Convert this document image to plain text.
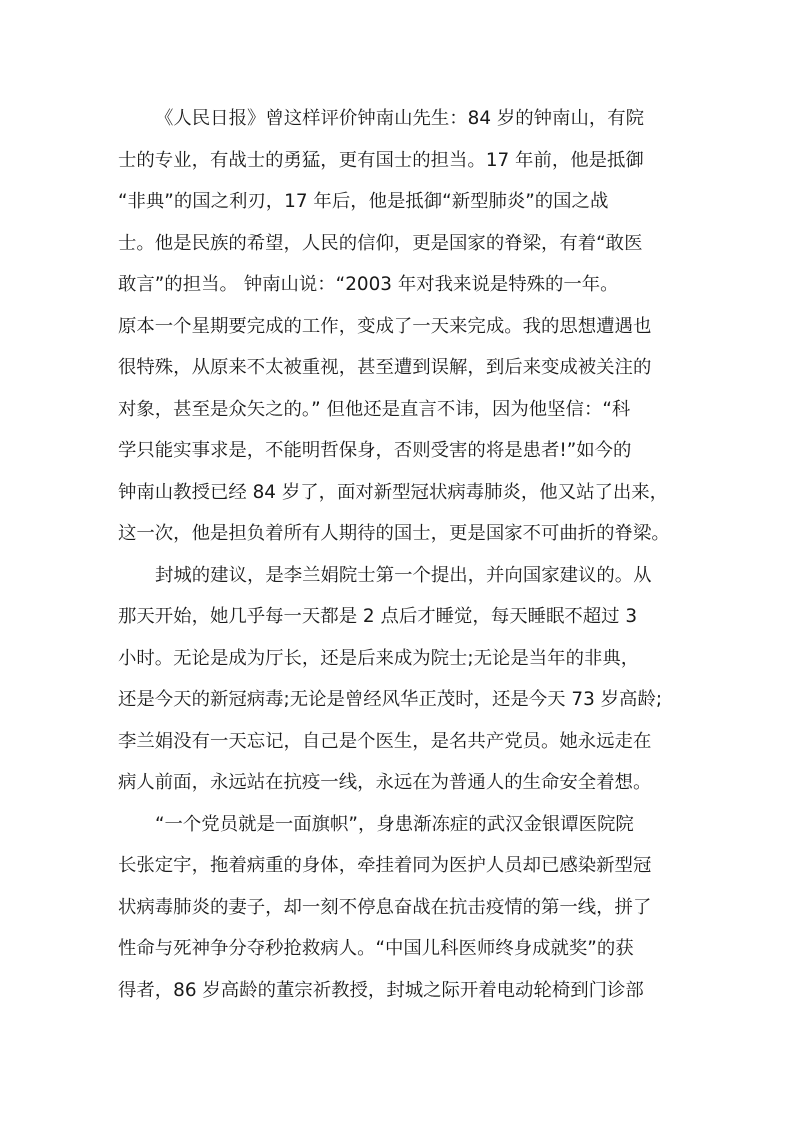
《人民日报》曾这样评价钟南山先生：84 岁的钟南山，有院
士的专业，有战士的勇猛，更有国士的担当。17 年前，他是抵御
“非典”的国之利刃，17 年后，他是抵御“新型肺炎”的国之战
士。他是民族的希望，人民的信仰，更是国家的脊梁，有着“敢医
敢言”的担当。 钟南山说：“2003 年对我来说是特殊的一年。
原本一个星期要完成的工作，变成了一天来完成。我的思想遭遇也
很特殊，从原来不太被重视，甚至遭到误解，到后来变成被关注的
对象，甚至是众矢之的。” 但他还是直言不讳，因为他坚信：“科
学只能实事求是，不能明哲保身，否则受害的将是患者!”如今的
钟南山教授已经 84 岁了，面对新型冠状病毒肺炎，他又站了出来，
这一次，他是担负着所有人期待的国士，更是国家不可曲折的脊梁。
封城的建议，是李兰娟院士第一个提出，并向国家建议的。从
那天开始，她几乎每一天都是 2 点后才睡觉，每天睡眠不超过 3
小时。无论是成为厅长，还是后来成为院士;无论是当年的非典，
还是今天的新冠病毒;无论是曾经风华正茂时，还是今天 73 岁高龄;
李兰娟没有一天忘记，自己是个医生，是名共产党员。她永远走在
病人前面，永远站在抗疫一线，永远在为普通人的生命安全着想。
“一个党员就是一面旗帜”，身患渐冻症的武汉金银谭医院院
长张定宇，拖着病重的身体，牵挂着同为医护人员却已感染新型冠
状病毒肺炎的妻子，却一刻不停息奋战在抗击疫情的第一线，拼了
性命与死神争分夺秒抢救病人。“中国儿科医师终身成就奖”的获
得者，86 岁高龄的董宗祈教授，封城之际开着电动轮椅到门诊部
